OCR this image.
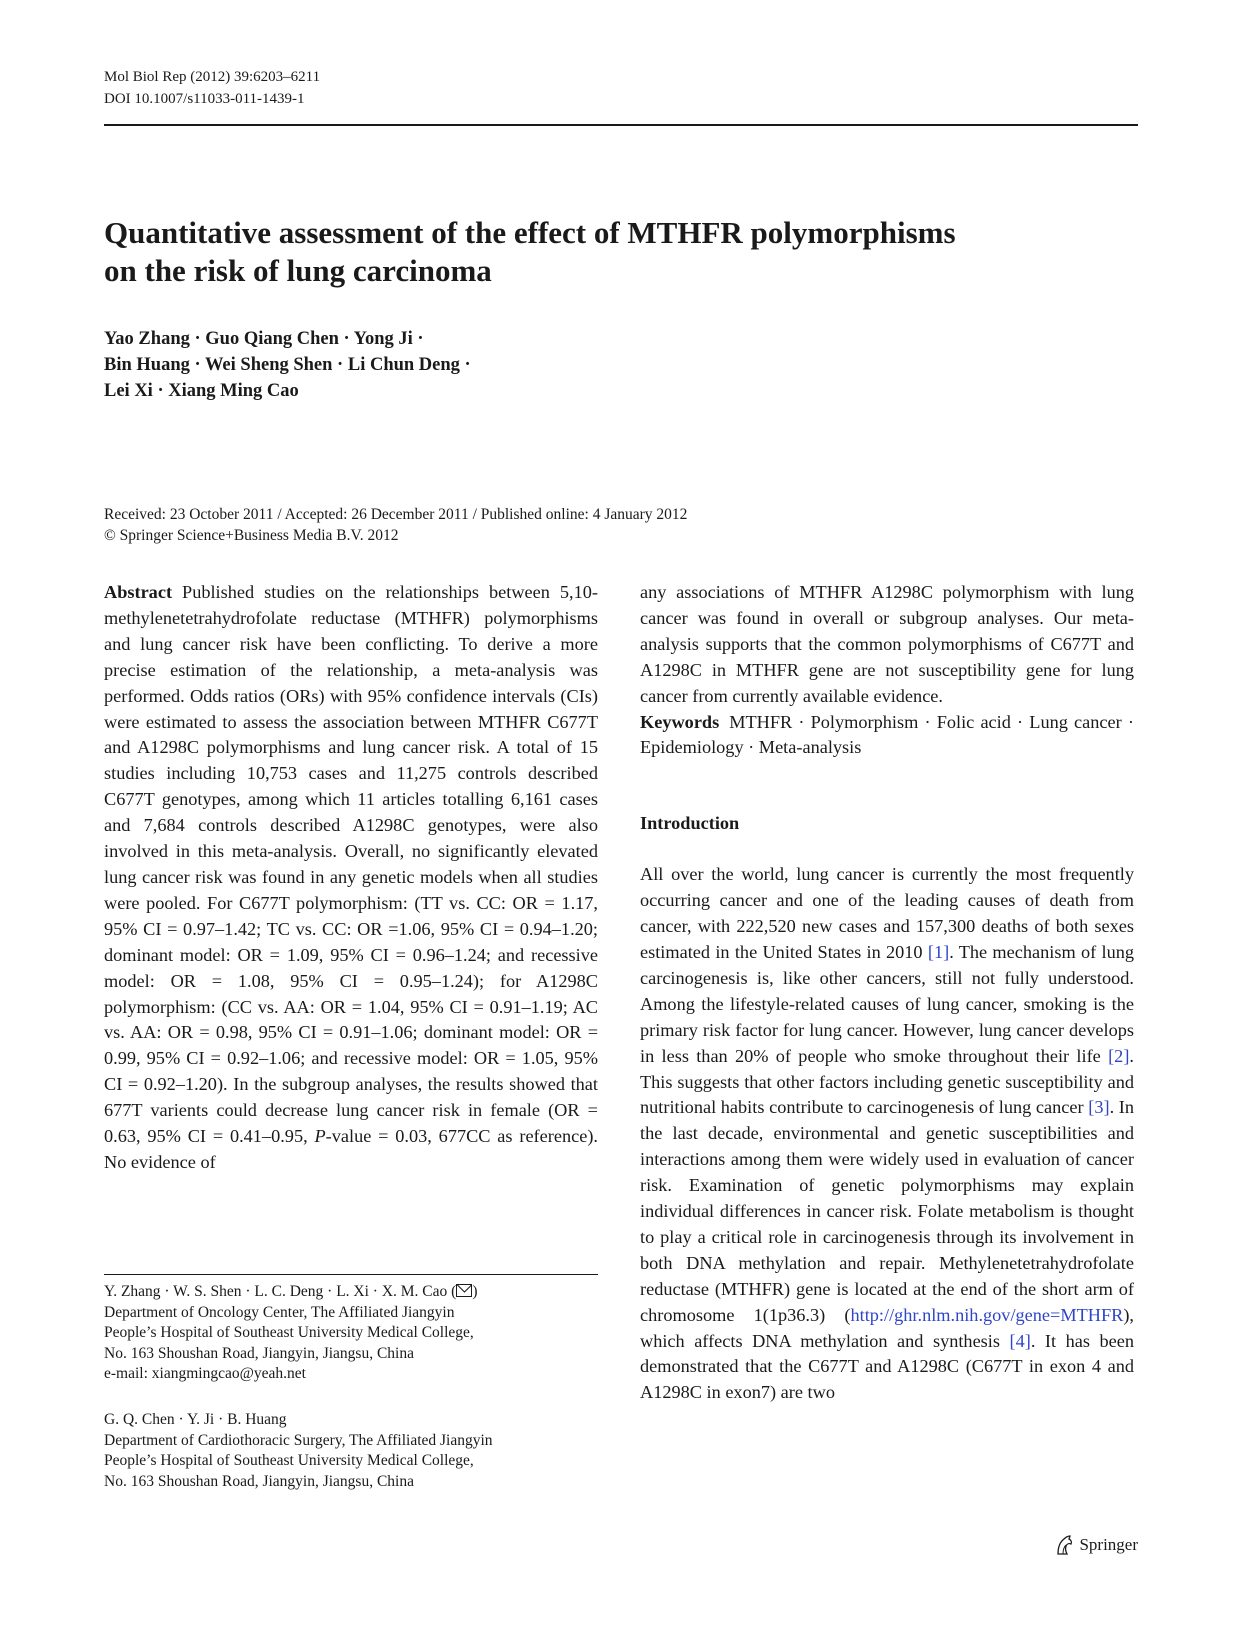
Mol Biol Rep (2012) 39:6203–6211
DOI 10.1007/s11033-011-1439-1
Quantitative assessment of the effect of MTHFR polymorphisms
on the risk of lung carcinoma
Yao Zhang · Guo Qiang Chen · Yong Ji ·
Bin Huang · Wei Sheng Shen · Li Chun Deng ·
Lei Xi · Xiang Ming Cao
Received: 23 October 2011 / Accepted: 26 December 2011 / Published online: 4 January 2012
© Springer Science+Business Media B.V. 2012

Abstract Published studies on the relationships between 5,10-methylenetetrahydrofolate reductase (MTHFR) polymorphisms and lung cancer risk have been conflicting. To derive a more precise estimation of the relationship, a meta-analysis was performed. Odds ratios (ORs) with 95% confidence intervals (CIs) were estimated to assess the association between MTHFR C677T and A1298C polymorphisms and lung cancer risk. A total of 15 studies including 10,753 cases and 11,275 controls described C677T genotypes, among which 11 articles totalling 6,161 cases and 7,684 controls described A1298C genotypes, were also involved in this meta-analysis. Overall, no significantly elevated lung cancer risk was found in any genetic models when all studies were pooled. For C677T polymorphism: (TT vs. CC: OR = 1.17, 95% CI = 0.97–1.42; TC vs. CC: OR =1.06, 95% CI = 0.94–1.20; dominant model: OR = 1.09, 95% CI = 0.96–1.24; and recessive model: OR = 1.08, 95% CI = 0.95–1.24); for A1298C polymorphism: (CC vs. AA: OR = 1.04, 95% CI = 0.91–1.19; AC vs. AA: OR = 0.98, 95% CI = 0.91–1.06; dominant model: OR = 0.99, 95% CI = 0.92–1.06; and recessive model: OR = 1.05, 95% CI = 0.92–1.20). In the subgroup analyses, the results showed that 677T varients could decrease lung cancer risk in female (OR = 0.63, 95% CI = 0.41–0.95, P-value = 0.03, 677CC as reference). No evidence of

Y. Zhang · W. S. Shen · L. C. Deng · L. Xi · X. M. Cao ( )
Department of Oncology Center, The Affiliated Jiangyin
People’s Hospital of Southeast University Medical College,
No. 163 Shoushan Road, Jiangyin, Jiangsu, China
e-mail: xiangmingcao@yeah.net
G. Q. Chen · Y. Ji · B. Huang
Department of Cardiothoracic Surgery, The Affiliated Jiangyin
People’s Hospital of Southeast University Medical College,
No. 163 Shoushan Road, Jiangyin, Jiangsu, China

any associations of MTHFR A1298C polymorphism with lung cancer was found in overall or subgroup analyses. Our meta-analysis supports that the common polymorphisms of C677T and A1298C in MTHFR gene are not susceptibility gene for lung cancer from currently available evidence.

Keywords MTHFR · Polymorphism · Folic acid · Lung cancer · Epidemiology · Meta-analysis

Introduction

All over the world, lung cancer is currently the most frequently occurring cancer and one of the leading causes of death from cancer, with 222,520 new cases and 157,300 deaths of both sexes estimated in the United States in 2010 [1]. The mechanism of lung carcinogenesis is, like other cancers, still not fully understood. Among the lifestyle-related causes of lung cancer, smoking is the primary risk factor for lung cancer. However, lung cancer develops in less than 20% of people who smoke throughout their life [2]. This suggests that other factors including genetic susceptibility and nutritional habits contribute to carcinogenesis of lung cancer [3]. In the last decade, environmental and genetic susceptibilities and interactions among them were widely used in evaluation of cancer risk. Examination of genetic polymorphisms may explain individual differences in cancer risk. Folate metabolism is thought to play a critical role in carcinogenesis through its involvement in both DNA methylation and repair. Methylenetetrahydrofolate reductase (MTHFR) gene is located at the end of the short arm of chromosome 1(1p36.3) (http://ghr.nlm.nih.gov/gene=MTHFR), which affects DNA methylation and synthesis [4]. It has been demonstrated that the C677T and A1298C (C677T in exon 4 and A1298C in exon7) are two

Springer
